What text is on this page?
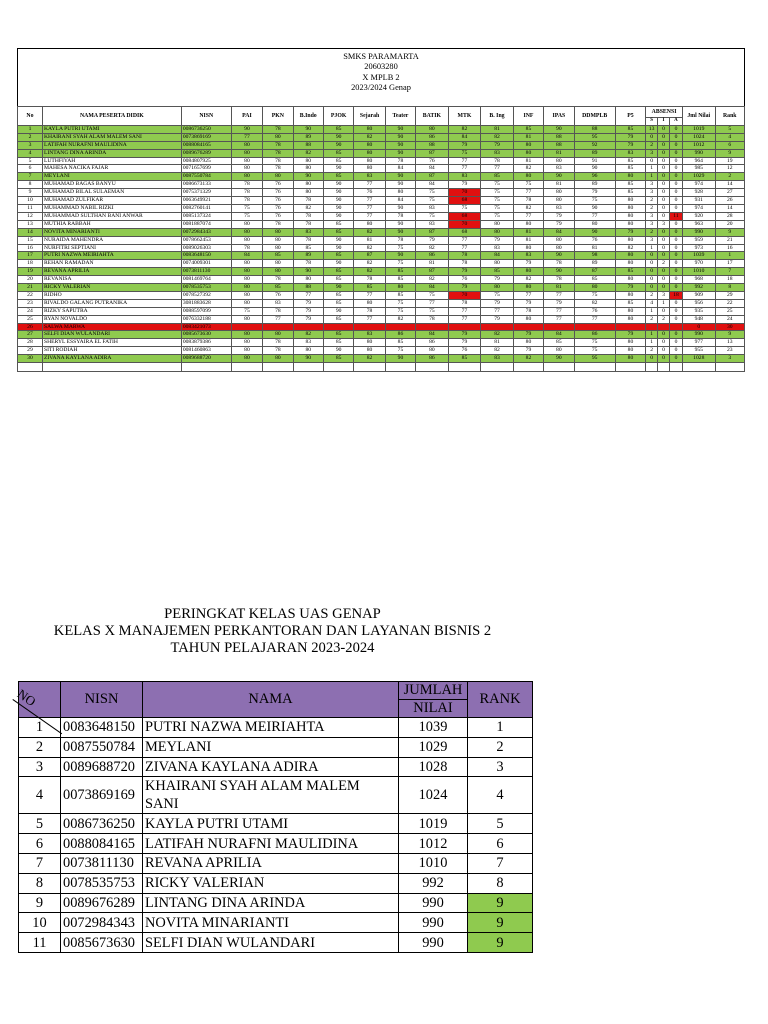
SMKS PARAMARTA
20603280
X MPLB 2
2023/2024 Genap
No	NAMA PESERTA DIDIK	NISN	PAI	PKN	B.Indo	PJOK	Sejarah	Teater	BATIK	MTK	B. Ing	INF	IPAS	DDMPLB	P5	ABSENSI			Jml Nilai	Rank
																S	I	A		
1	KAYLA PUTRI UTAMI	0086736250	90	78	90	85	80	90	80	82	81	85	90	88	85	13	0	0	1019	5
2	KHAIRANI SYAH ALAM MALEM SANI	0073869169	77	80	89	90	82	90	86	84	82	81	88	95	79	0	0	0	1024	4
3	LATIFAH NURAFNI MAULIDINA	0088084165	80	78	88	90	80	90	88	79	79	80	88	92	79	2	0	0	1012	6
4	LINTANG DINA ARINDA	0089676289	80	78	82	85	80	90	87	75	83	80	81	89	83	3	0	0	990	9
5	LUTHFIYAH	0084807925	80	78	80	85	80	78	76	77	78	81	80	91	85	0	0	0	964	19
6	MAHESA NACIKA FAJAR	0071657699	80	78	80	90	80	84	84	77	77	82	83	90	85	1	0	0	985	12
7	MEYLANI	0087550784	80	80	90	85	83	90	87	83	85	80	90	96	80	1	0	0	1029	2
8	MUHAMAD BAGAS BANYU	0086673133	78	76	80	90	77	90	84	79	75	75	81	89	85	3	0	0	974	14
9	MUHAMAD BILAL SULAEMAN	0075371329	78	76	80	90	76	80	75	70	75	77	80	79	85	3	0	0	928	27
10	MUHAMAD ZULFIKAR	0063649921	78	76	78	90	77	84	75	68	75	78	80	75	80	2	0	0	931	26
11	MUHAMMAD NABIL RIZKI	0082760141	75	76	82	90	77	90	83	75	75	82	83	90	80	2	0	0	974	14
12	MUHAMMAD SULTHAN BANI ANWAR	0085137324	75	76	78	90	77	78	75	68	75	77	79	77	80	3	0	11	920	28
13	MUTHIA RABBAH	0081887074	80	78	78	85	80	90	83	70	80	80	79	80	80	3	3	0	963	20
14	NOVITA MINARIANTI	0072984343	80	80	83	85	82	90	87	68	80	81	84	90	79	2	0	0	990	9
15	NURAIDA MAHENDRA	0078662453	80	80	78	90	81	78	79	77	79	81	80	76	80	3	0	0	959	21
16	NURFITRI SEPTIANI	0089026303	78	80	85	90	82	75	82	77	83	80	80	81	82	1	0	0	973	16
17	PUTRI NAZWA MEIRIAHTA	0083648150	84	85	89	85	87	90	86	78	84	83	90	98	80	0	0	0	1039	1
18	REHAN RAMADAN	0074009301	80	80	78	90	82	75	81	78	80	79	78	89	80	0	2	0	970	17
19	REVANA APRILIA	0073811130	80	80	90	85	82	85	87	79	85	80	90	87	85	0	0	0	1010	7
20	REVANISA	0081469764	80	78	80	85	78	85	82	76	79	82	78	85	80	0	0	0	968	18
21	RICKY VALERIAN	0078535753	80	85	88	90	85	80	84	79	80	80	81	80	79	0	0	0	992	8
22	RIDHO	0078527392	80	76	77	85	77	85	75	70	75	77	77	75	80	2	3	18	909	29
23	RIVALDO GALANG PUTRANIKA	3081883628	80	83	79	85	80	75	77	78	79	79	79	82	85	4	1	0	956	22
24	RIZKY SAPUTRA	0088597099	75	78	79	90	78	75	75	77	77	78	77	76	80	1	0	0	935	25
25	RYAN NOVALDO	0076332188	80	77	79	85	77	82	78	77	79	80	77	77	80	2	2	0	948	24
26	SALWA MARWA	0083421073																	0	30
27	SELFI DIAN WULANDARI	0085673630	80	80	82	85	83	86	84	79	82	79	84	86	79	1	0	0	990	9
28	SHERYL ESSYAIRA EL FATIH	0083879386	80	78	83	85	80	85	86	79	81	80	85	75	80	1	0	0	977	13
29	SITI RODIAH	0081460863	80	78	80	90	80	75	80	76	82	79	80	75	80	2	0	0	955	23
30	ZIVANA KAYLANA ADIRA	0089688720	80	80	90	85	82	90	86	85	83	82	90	95	80	0	0	0	1028	3

PERINGKAT KELAS UAS GENAP
KELAS X MANAJEMEN PERKANTORAN DAN LAYANAN BISNIS 2
TAHUN PELAJARAN 2023-2024
NO	NISN	NAMA	JUMLAH
NILAI	RANK
1	0083648150	PUTRI NAZWA MEIRIAHTA	1039	1
2	0087550784	MEYLANI	1029	2
3	0089688720	ZIVANA KAYLANA ADIRA	1028	3
4	0073869169	KHAIRANI SYAH ALAM MALEM SANI	1024	4
5	0086736250	KAYLA PUTRI UTAMI	1019	5
6	0088084165	LATIFAH NURAFNI MAULIDINA	1012	6
7	0073811130	REVANA APRILIA	1010	7
8	0078535753	RICKY VALERIAN	992	8
9	0089676289	LINTANG DINA ARINDA	990	9
10	0072984343	NOVITA MINARIANTI	990	9
11	0085673630	SELFI DIAN WULANDARI	990	9
